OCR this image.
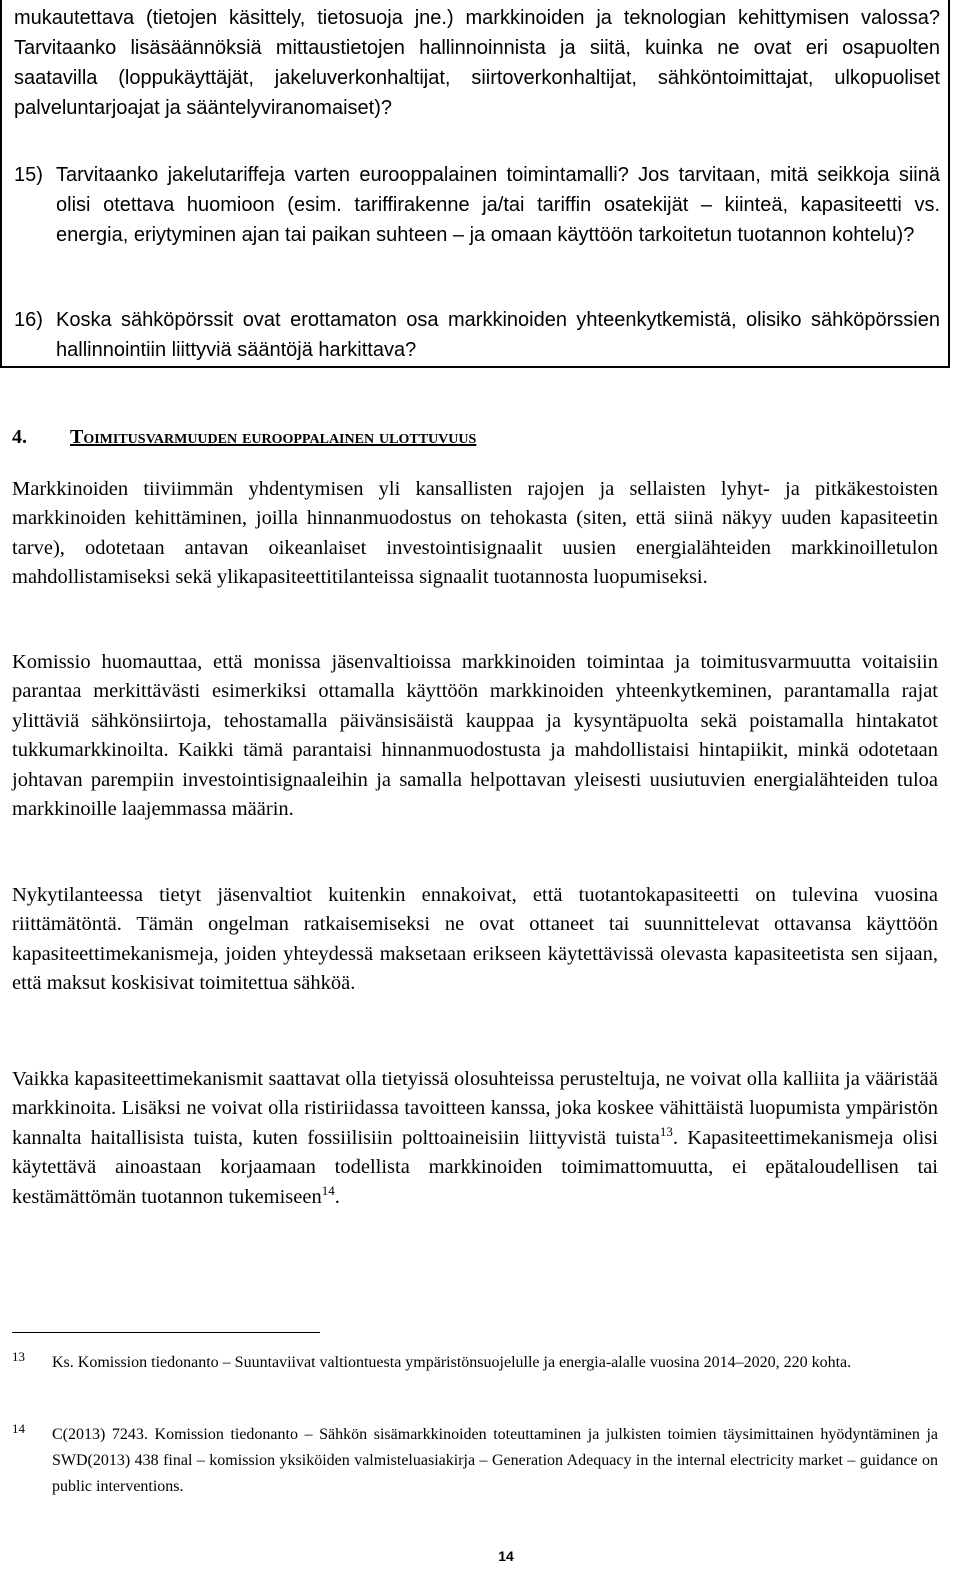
mukautettava (tietojen käsittely, tietosuoja jne.) markkinoiden ja teknologian kehittymisen valossa? Tarvitaanko lisäsäännöksiä mittaustietojen hallinnoinnista ja siitä, kuinka ne ovat eri osapuolten saatavilla (loppukäyttäjät, jakeluverkonhaltijat, siirtoverkonhaltijat, sähköntoimittajat, ulkopuoliset palveluntarjoajat ja sääntelyviranomaiset)?

15) Tarvitaanko jakelutariffeja varten eurooppalainen toimintamalli? Jos tarvitaan, mitä seikkoja siinä olisi otettava huomioon (esim. tariffirakenne ja/tai tariffin osatekijät – kiinteä, kapasiteetti vs. energia, eriytyminen ajan tai paikan suhteen – ja omaan käyttöön tarkoitetun tuotannon kohtelu)?

16) Koska sähköpörssit ovat erottamaton osa markkinoiden yhteenkytkemistä, olisiko sähköpörssien hallinnointiin liittyviä sääntöjä harkittava?

4. Toimitusvarmuuden eurooppalainen ulottuvuus

Markkinoiden tiiviimmän yhdentymisen yli kansallisten rajojen ja sellaisten lyhyt- ja pitkäkestoisten markkinoiden kehittäminen, joilla hinnanmuodostus on tehokasta (siten, että siinä näkyy uuden kapasiteetin tarve), odotetaan antavan oikeanlaiset investointisignaalit uusien energialähteiden markkinoilletulon mahdollistamiseksi sekä ylikapasiteettitilanteissa signaalit tuotannosta luopumiseksi.

Komissio huomauttaa, että monissa jäsenvaltioissa markkinoiden toimintaa ja toimitusvarmuutta voitaisiin parantaa merkittävästi esimerkiksi ottamalla käyttöön markkinoiden yhteenkytkeminen, parantamalla rajat ylittäviä sähkönsiirtoja, tehostamalla päivänsisäistä kauppaa ja kysyntäpuolta sekä poistamalla hintakatot tukkumarkkinoilta. Kaikki tämä parantaisi hinnanmuodostusta ja mahdollistaisi hintapiikit, minkä odotetaan johtavan parempiin investointisignaaleihin ja samalla helpottavan yleisesti uusiutuvien energialähteiden tuloa markkinoille laajemmassa määrin.

Nykytilanteessa tietyt jäsenvaltiot kuitenkin ennakoivat, että tuotantokapasiteetti on tulevina vuosina riittämätöntä. Tämän ongelman ratkaisemiseksi ne ovat ottaneet tai suunnittelevat ottavansa käyttöön kapasiteettimekanismeja, joiden yhteydessä maksetaan erikseen käytettävissä olevasta kapasiteetista sen sijaan, että maksut koskisivat toimitettua sähköä.

Vaikka kapasiteettimekanismit saattavat olla tietyissä olosuhteissa perusteltuja, ne voivat olla kalliita ja vääristää markkinoita. Lisäksi ne voivat olla ristiriidassa tavoitteen kanssa, joka koskee vähittäistä luopumista ympäristön kannalta haitallisista tuista, kuten fossiilisiin polttoaineisiin liittyvistä tuista$^{13}$. Kapasiteettimekanismeja olisi käytettävä ainoastaan korjaamaan todellista markkinoiden toimimattomuutta, ei epätaloudellisen tai kestämättömän tuotannon tukemiseen$^{14}$.

13 Ks. Komission tiedonanto – Suuntaviivat valtiontuesta ympäristönsuojelulle ja energia-alalle vuosina 2014–2020, 220 kohta.

14 C(2013) 7243. Komission tiedonanto – Sähkön sisämarkkinoiden toteuttaminen ja julkisten toimien täysimittainen hyödyntäminen ja SWD(2013) 438 final – komission yksiköiden valmisteluasiakirja – Generation Adequacy in the internal electricity market – guidance on public interventions.

14
